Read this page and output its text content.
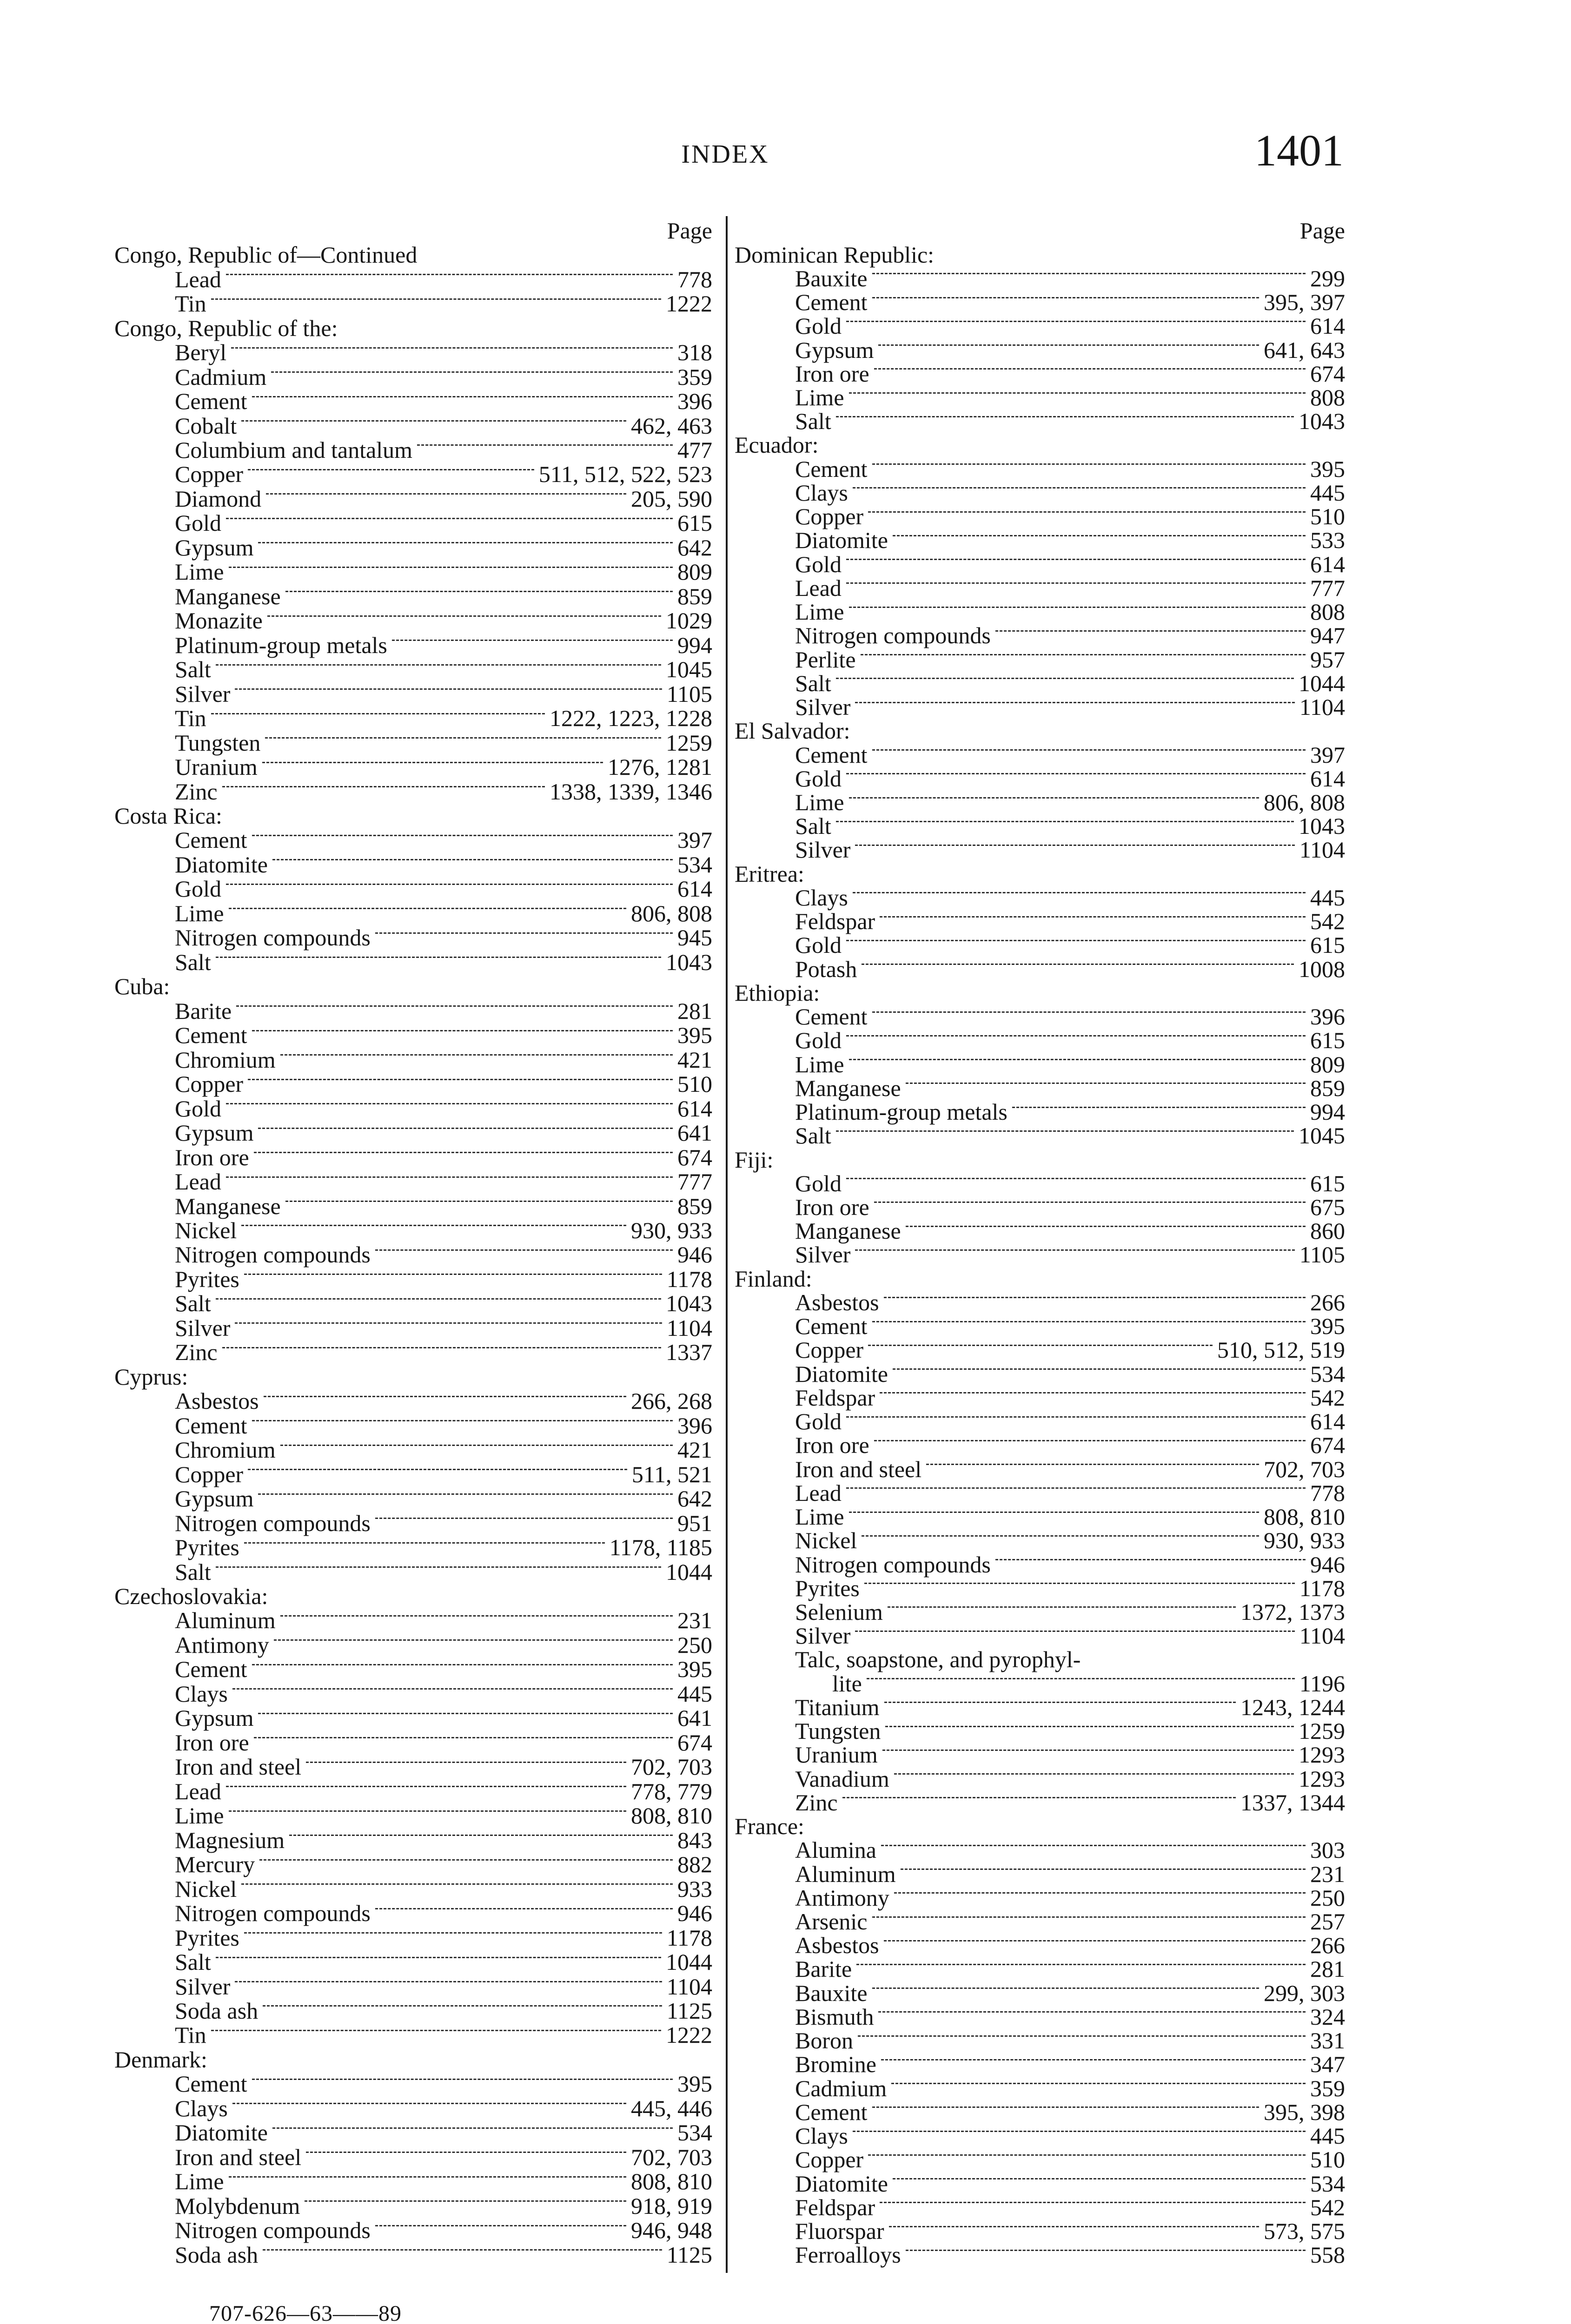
INDEX	1401
Page
Congo, Republic of—Continued
Lead	778
Tin	1222
Congo, Republic of the:
Beryl	318
Cadmium	359
Cement	396
Cobalt	462, 463
Columbium and tantalum	477
Copper	511, 512, 522, 523
Diamond	205, 590
Gold	615
Gypsum	642
Lime	809
Manganese	859
Monazite	1029
Platinum-group metals	994
Salt	1045
Silver	1105
Tin	1222, 1223, 1228
Tungsten	1259
Uranium	1276, 1281
Zinc	1338, 1339, 1346
Costa Rica:
Cement	397
Diatomite	534
Gold	614
Lime	806, 808
Nitrogen compounds	945
Salt	1043
Cuba:
Barite	281
Cement	395
Chromium	421
Copper	510
Gold	614
Gypsum	641
Iron ore	674
Lead	777
Manganese	859
Nickel	930, 933
Nitrogen compounds	946
Pyrites	1178
Salt	1043
Silver	1104
Zinc	1337
Cyprus:
Asbestos	266, 268
Cement	396
Chromium	421
Copper	511, 521
Gypsum	642
Nitrogen compounds	951
Pyrites	1178, 1185
Salt	1044
Czechoslovakia:
Aluminum	231
Antimony	250
Cement	395
Clays	445
Gypsum	641
Iron ore	674
Iron and steel	702, 703
Lead	778, 779
Lime	808, 810
Magnesium	843
Mercury	882
Nickel	933
Nitrogen compounds	946
Pyrites	1178
Salt	1044
Silver	1104
Soda ash	1125
Tin	1222
Denmark:
Cement	395
Clays	445, 446
Diatomite	534
Iron and steel	702, 703
Lime	808, 810
Molybdenum	918, 919
Nitrogen compounds	946, 948
Soda ash	1125
Page
Dominican Republic:
Bauxite	299
Cement	395, 397
Gold	614
Gypsum	641, 643
Iron ore	674
Lime	808
Salt	1043
Ecuador:
Cement	395
Clays	445
Copper	510
Diatomite	533
Gold	614
Lead	777
Lime	808
Nitrogen compounds	947
Perlite	957
Salt	1044
Silver	1104
El Salvador:
Cement	397
Gold	614
Lime	806, 808
Salt	1043
Silver	1104
Eritrea:
Clays	445
Feldspar	542
Gold	615
Potash	1008
Ethiopia:
Cement	396
Gold	615
Lime	809
Manganese	859
Platinum-group metals	994
Salt	1045
Fiji:
Gold	615
Iron ore	675
Manganese	860
Silver	1105
Finland:
Asbestos	266
Cement	395
Copper	510, 512, 519
Diatomite	534
Feldspar	542
Gold	614
Iron ore	674
Iron and steel	702, 703
Lead	778
Lime	808, 810
Nickel	930, 933
Nitrogen compounds	946
Pyrites	1178
Selenium	1372, 1373
Silver	1104
Talc, soapstone, and pyrophyl-
lite	1196
Titanium	1243, 1244
Tungsten	1259
Uranium	1293
Vanadium	1293
Zinc	1337, 1344
France:
Alumina	303
Aluminum	231
Antimony	250
Arsenic	257
Asbestos	266
Barite	281
Bauxite	299, 303
Bismuth	324
Boron	331
Bromine	347
Cadmium	359
Cement	395, 398
Clays	445
Copper	510
Diatomite	534
Feldspar	542
Fluorspar	573, 575
Ferroalloys	558
707-626—63——89
